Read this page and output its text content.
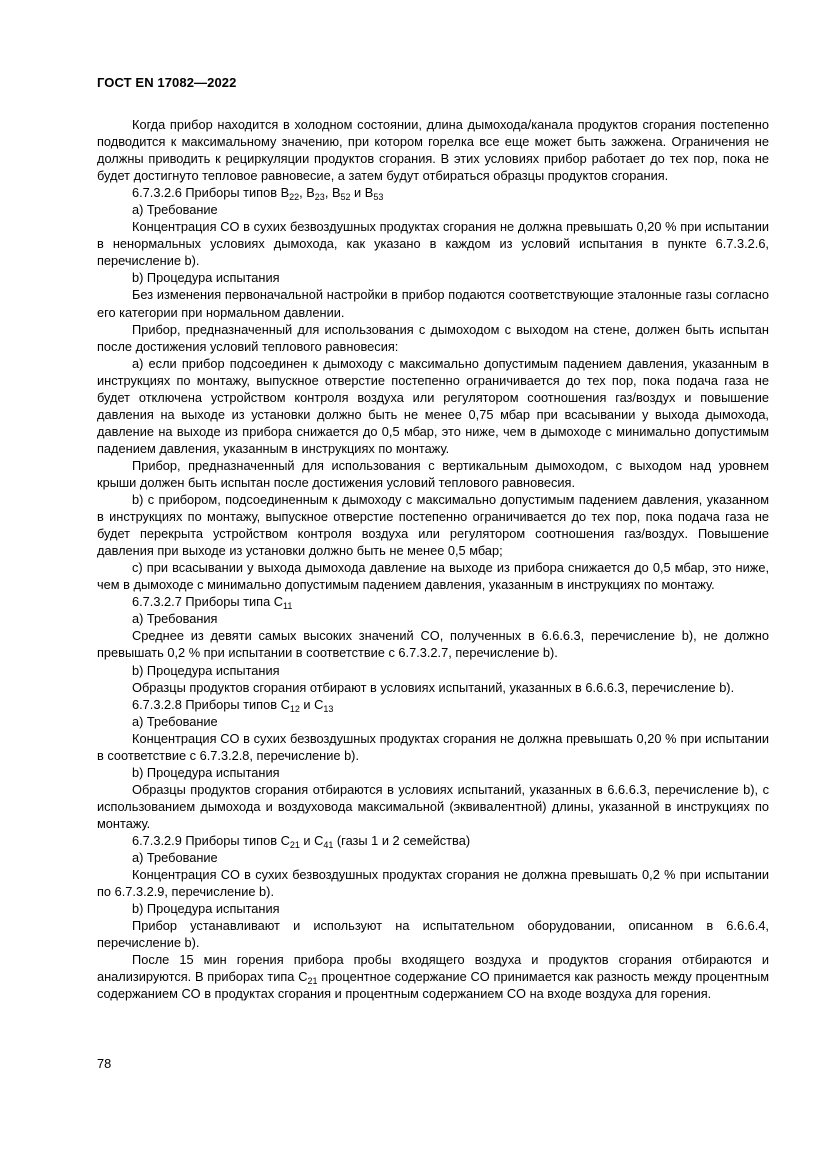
ГОСТ EN 17082—2022

Когда прибор находится в холодном состоянии, длина дымохода/канала продуктов сгорания постепенно подводится к максимальному значению, при котором горелка все еще может быть зажжена. Ограничения не должны приводить к рециркуляции продуктов сгорания. В этих условиях прибор работает до тех пор, пока не будет достигнуто тепловое равновесие, а затем будут отбираться образцы продуктов сгорания.

6.7.3.2.6 Приборы типов $B_{22}$, $B_{23}$, $B_{52}$ и $B_{53}$

a) Требование

Концентрация CO в сухих безвоздушных продуктах сгорания не должна превышать 0,20 % при испытании в ненормальных условиях дымохода, как указано в каждом из условий испытания в пункте 6.7.3.2.6, перечисление b).

b) Процедура испытания

Без изменения первоначальной настройки в прибор подаются соответствующие эталонные газы согласно его категории при нормальном давлении.

Прибор, предназначенный для использования с дымоходом с выходом на стене, должен быть испытан после достижения условий теплового равновесия:

a) если прибор подсоединен к дымоходу с максимально допустимым падением давления, указанным в инструкциях по монтажу, выпускное отверстие постепенно ограничивается до тех пор, пока подача газа не будет отключена устройством контроля воздуха или регулятором соотношения газ/воздух и повышение давления на выходе из установки должно быть не менее 0,75 мбар при всасывании у выхода дымохода, давление на выходе из прибора снижается до 0,5 мбар, это ниже, чем в дымоходе с минимально допустимым падением давления, указанным в инструкциях по монтажу.

Прибор, предназначенный для использования с вертикальным дымоходом, с выходом над уровнем крыши должен быть испытан после достижения условий теплового равновесия.

b) с прибором, подсоединенным к дымоходу с максимально допустимым падением давления, указанном в инструкциях по монтажу, выпускное отверстие постепенно ограничивается до тех пор, пока подача газа не будет перекрыта устройством контроля воздуха или регулятором соотношения газ/воздух. Повышение давления при выходе из установки должно быть не менее 0,5 мбар;

c) при всасывании у выхода дымохода давление на выходе из прибора снижается до 0,5 мбар, это ниже, чем в дымоходе с минимально допустимым падением давления, указанным в инструкциях по монтажу.

6.7.3.2.7 Приборы типа $C_{11}$

a) Требования

Среднее из девяти самых высоких значений CO, полученных в 6.6.6.3, перечисление b), не должно превышать 0,2 % при испытании в соответствие с 6.7.3.2.7, перечисление b).

b) Процедура испытания

Образцы продуктов сгорания отбирают в условиях испытаний, указанных в 6.6.6.3, перечисление b).

6.7.3.2.8 Приборы типов $C_{12}$ и $C_{13}$

a) Требование

Концентрация CO в сухих безвоздушных продуктах сгорания не должна превышать 0,20 % при испытании в соответствие с 6.7.3.2.8, перечисление b).

b) Процедура испытания

Образцы продуктов сгорания отбираются в условиях испытаний, указанных в 6.6.6.3, перечисление b), с использованием дымохода и воздуховода максимальной (эквивалентной) длины, указанной в инструкциях по монтажу.

6.7.3.2.9 Приборы типов $C_{21}$ и $C_{41}$ (газы 1 и 2 семейства)

a) Требование

Концентрация CO в сухих безвоздушных продуктах сгорания не должна превышать 0,2 % при испытании по 6.7.3.2.9, перечисление b).

b) Процедура испытания

Прибор устанавливают и используют на испытательном оборудовании, описанном в 6.6.6.4, перечисление b).

После 15 мин горения прибора пробы входящего воздуха и продуктов сгорания отбираются и анализируются. В приборах типа $C_{21}$ процентное содержание CO принимается как разность между процентным содержанием CO в продуктах сгорания и процентным содержанием CO на входе воздуха для горения.

78
